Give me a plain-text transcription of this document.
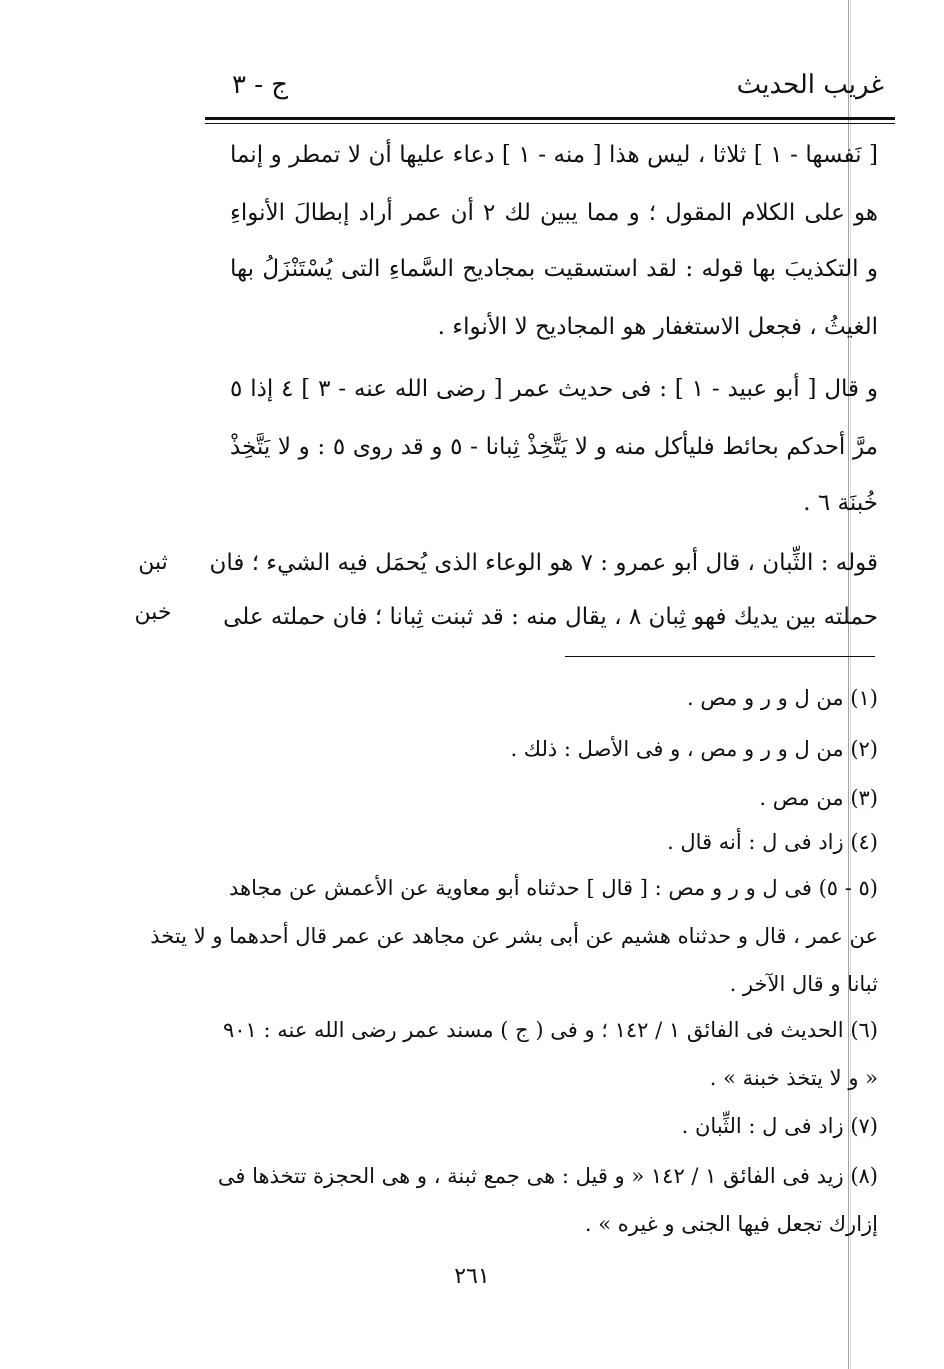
غريب الحديث
ج - ٣
[ نَفسها - ١ ] ثلاثا ، ليس هذا [ منه - ١ ] دعاء عليها أن لا تمطر و إنما
هو على الكلام المقول ؛ و مما يبين لك ٢ أن عمر أراد إبطالَ الأنواءِ
و التكذيبَ بها قوله : لقد استسقيت بمجاديح السَّماءِ التى يُسْتَنْزَلُ بها
الغيثُ ، فجعل الاستغفار هو المجاديح لا الأنواء .
و قال [ أبو عبيد - ١ ] : فى حديث عمر [ رضى الله عنه - ٣ ] ٤ إذا ٥
مرَّ أحدكم بحائط فليأكل منه و لا يَتَّخِذْ ثِبانا - ٥ و قد روى ٥ : و لا يَتَّخِذْ
خُبنَة ٦ .
قوله : الثِّبان ، قال أبو عمرو : ٧ هو الوعاء الذى يُحمَل فيه الشيء ؛ فان
حملته بين يديك فهو ثِبان ٨ ، يقال منه : قد ثبنت ثِبانا ؛ فان حملته على
ثبن
خبن
(١) من ل و ر و مص .
(٢) من ل و ر و مص ، و فى الأصل : ذلك .
(٣) من مص .
(٤) زاد فى ل : أنه قال .
(٥ - ٥) فى ل و ر و مص : [ قال ] حدثناه أبو معاوية عن الأعمش عن مجاهد
عن عمر ، قال و حدثناه هشيم عن أبى بشر عن مجاهد عن عمر قال أحدهما و لا يتخذ
ثبانا و قال الآخر .
(٦) الحديث فى الفائق ١ / ١٤٢ ؛ و فى ( ج ) مسند عمر رضى الله عنه : ٩٠١
« و لا يتخذ خبنة » .
(٧) زاد فى ل : الثِّبان .
(٨) زيد فى الفائق ١ / ١٤٢ « و قيل : هى جمع ثبنة ، و هى الحجزة تتخذها فى
إزارك تجعل فيها الجنى و غيره » .
٢٦١
